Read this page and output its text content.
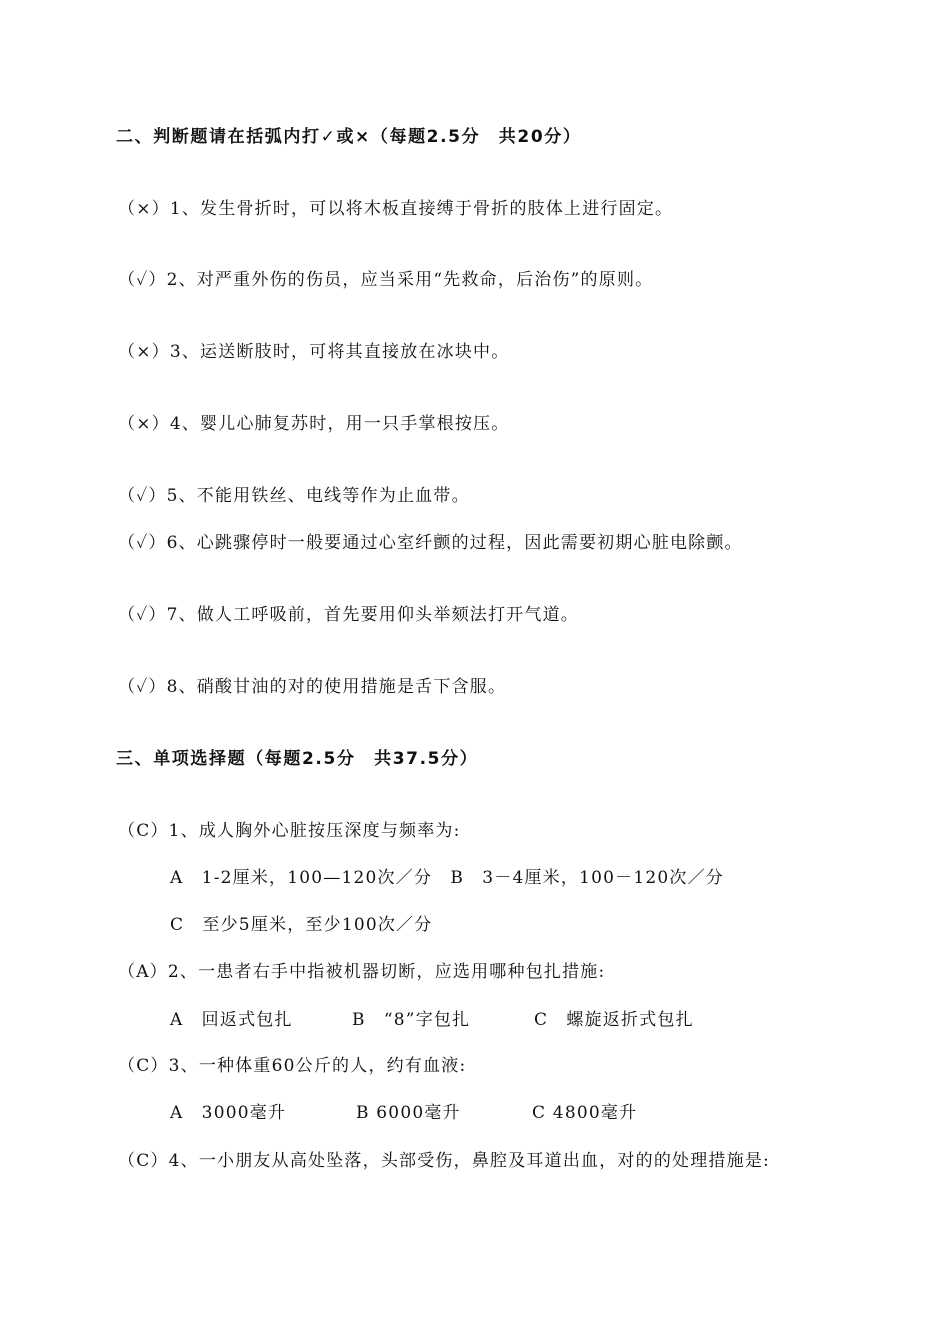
二、判断题请在括弧内打✓或×（每题2.5分　共20分）
（×）1、发生骨折时，可以将木板直接缚于骨折的肢体上进行固定。
（✓）2、对严重外伤的伤员，应当采用“先救命，后治伤”的原则。
（×）3、运送断肢时，可将其直接放在冰块中。
（×）4、婴儿心肺复苏时，用一只手掌根按压。
（✓）5、不能用铁丝、电线等作为止血带。
（✓）6、心跳骤停时一般要通过心室纤颤的过程，因此需要初期心脏电除颤。
（✓）7、做人工呼吸前，首先要用仰头举颏法打开气道。
（✓）8、硝酸甘油的对的使用措施是舌下含服。
三、单项选择题（每题2.5分　共37.5分）
（C）1、成人胸外心脏按压深度与频率为:
A　1-2厘米，100—120次／分　B　3－4厘米，100－120次／分
C　至少5厘米，至少100次／分
（A）2、一患者右手中指被机器切断，应选用哪种包扎措施:
A　回返式包扎	B　“8”字包扎	C　螺旋返折式包扎
（C）3、一种体重60公斤的人，约有血液:
A　3000毫升	B 6000毫升	C 4800毫升
（C）4、一小朋友从高处坠落，头部受伤，鼻腔及耳道出血，对的的处理措施是:
